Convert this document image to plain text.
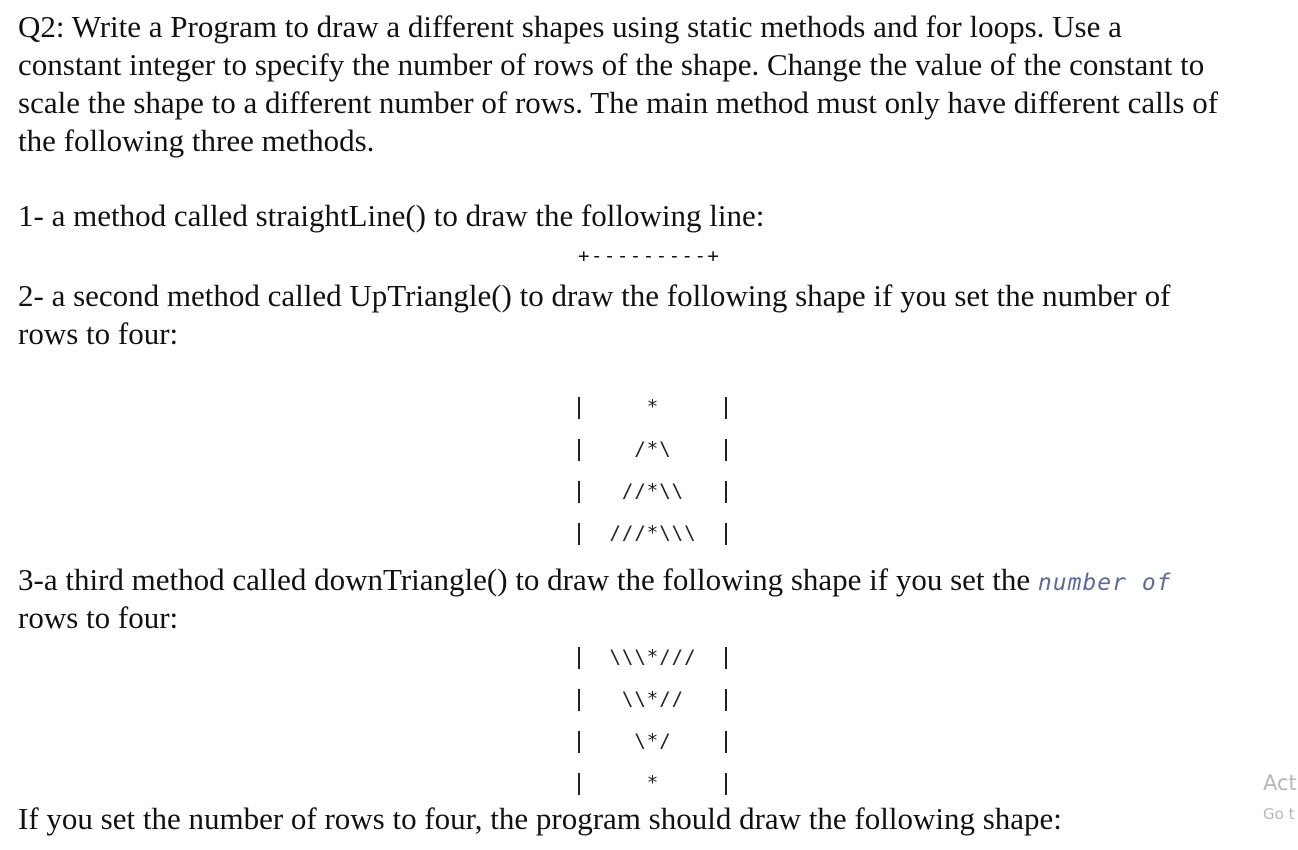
Q2: Write a Program to draw a different shapes using static methods and for loops. Use a

constant integer to specify the number of rows of the shape. Change the value of the constant to

scale the shape to a different number of rows. The main method must only have different calls of

the following three methods.

1- a method called straightLine() to draw the following line:

+---------+

2- a second method called UpTriangle() to draw the following shape if you set the number of

rows to four:

*
/*\
//*\\
///*\\\

3-a third method called downTriangle() to draw the following shape if you set the number of

rows to four:

\\\*///
\\*//
\*/
*

If you set the number of rows to four, the program should draw the following shape:

Act
Go t
